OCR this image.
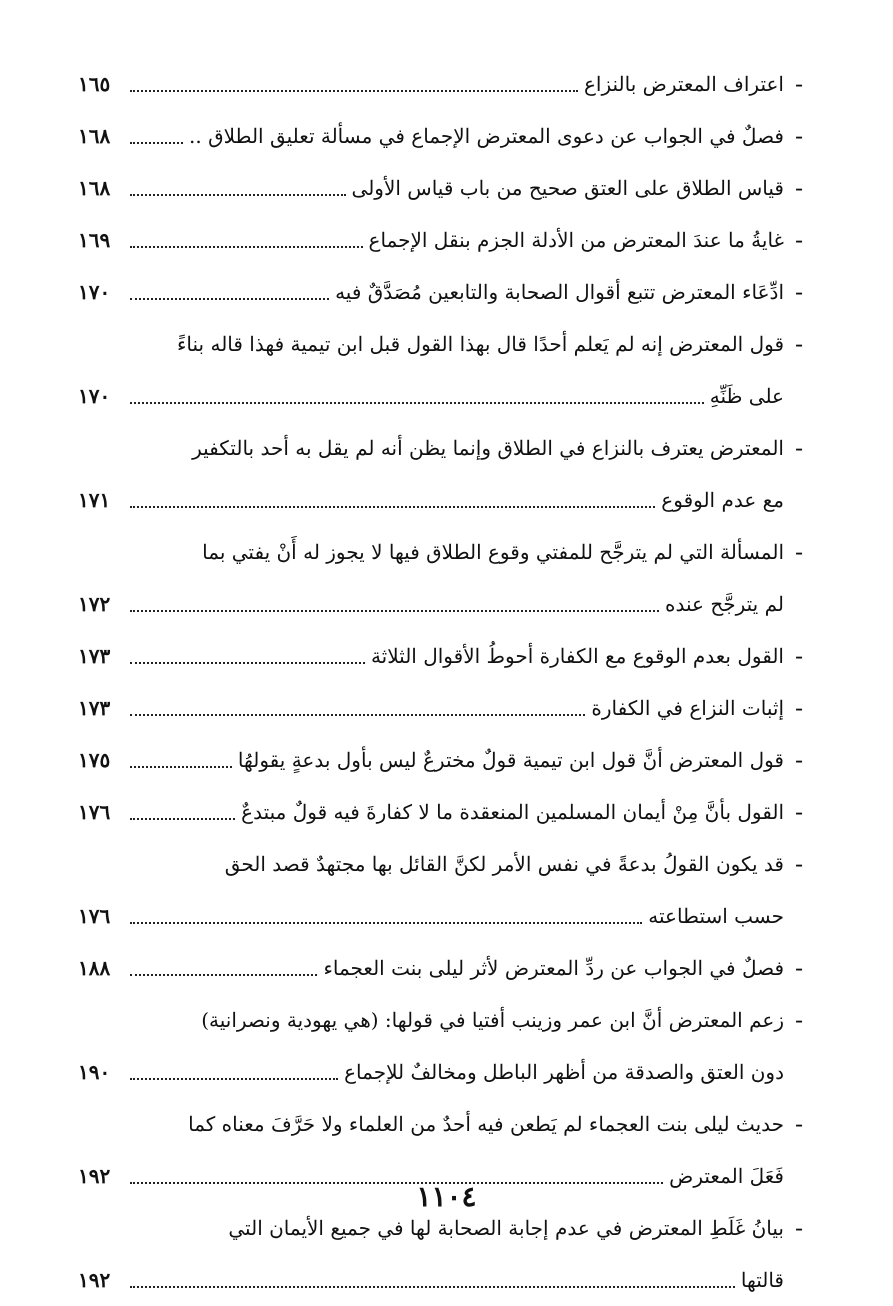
-
اعتراف المعترض بالنزاع
١٦٥
-
فصلٌ في الجواب عن دعوى المعترض الإجماع في مسألة تعليق الطلاق ..
١٦٨
-
قياس الطلاق على العتق صحيح من باب قياس الأولى
١٦٨
-
غايةُ ما عندَ المعترض من الأدلة الجزم بنقل الإجماع
١٦٩
-
ادِّعَاء المعترض تتبع أقوال الصحابة والتابعين مُصَدَّقٌ فيه
١٧٠
-
قول المعترض إنه لم يَعلم أحدًا قال بهذا القول قبل ابن تيمية فهذا قاله بناءً
على ظَنِّهِ
١٧٠
-
المعترض يعترف بالنزاع في الطلاق وإنما يظن أنه لم يقل به أحد بالتكفير
مع عدم الوقوع
١٧١
-
المسألة التي لم يترجَّح للمفتي وقوع الطلاق فيها لا يجوز له أَنْ يفتي بما
لم يترجَّح عنده
١٧٢
-
القول بعدم الوقوع مع الكفارة أحوطُ الأقوال الثلاثة
١٧٣
-
إثبات النزاع في الكفارة
١٧٣
-
قول المعترض أنَّ قول ابن تيمية قولٌ مخترعٌ ليس بأول بدعةٍ يقولهُا
١٧٥
-
القول بأنَّ مِنْ أيمان المسلمين المنعقدة ما لا كفارةَ فيه قولٌ مبتدعٌ
١٧٦
-
قد يكون القولُ بدعةً في نفس الأمر لكنَّ القائل بها مجتهدٌ قصد الحق
حسب استطاعته
١٧٦
-
فصلٌ في الجواب عن ردِّ المعترض لأثر ليلى بنت العجماء
١٨٨
-
زعم المعترض أنَّ ابن عمر وزينب أفتيا في قولها: (هي يهودية ونصرانية)
دون العتق والصدقة من أظهر الباطل ومخالفٌ للإجماع
١٩٠
-
حديث ليلى بنت العجماء لم يَطعن فيه أحدٌ من العلماء ولا حَرَّفَ معناه كما
فَعَلَ المعترض
١٩٢
-
بيانُ غَلَطِ المعترض في عدم إجابة الصحابة لها في جميع الأيمان التي
قالتها
١٩٢
١١٠٤
